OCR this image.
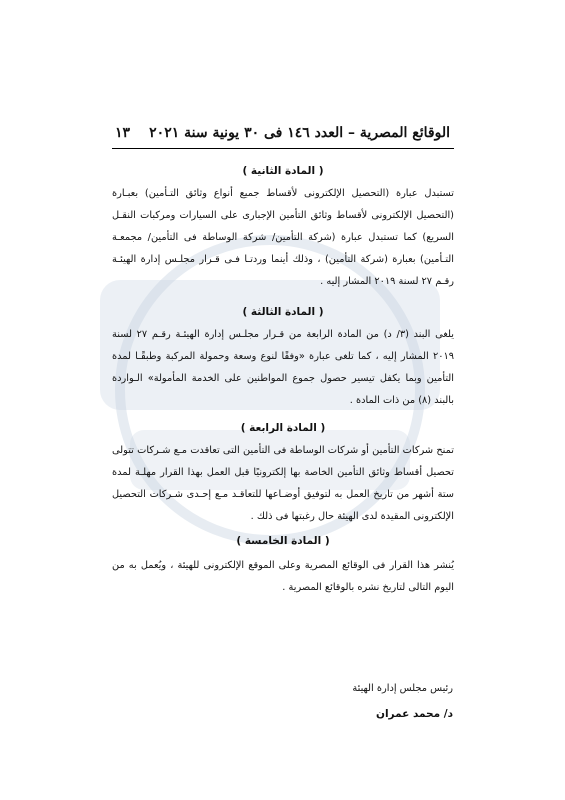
الوقائع المصرية – العدد ١٤٦ فى ٣٠ يونية سنة ٢٠٢١
١٣
( المادة الثانية )
تستبدل عبارة (التحصيل الإلكترونى لأقساط جميع أنواع وثائق التـأمين) بعبـارة (التحصيل الإلكترونى لأقساط وثائق التأمين الإجبارى على السيارات ومركبات النقـل السريع) كما تستبدل عبارة (شركة التأمين/ شركة الوساطة فى التأمين/ مجمعـة التـأمين) بعبارة (شركة التأمين) ، وذلك أينما وردتـا فـى قـرار مجلـس إدارة الهيئـة رقـم ٢٧ لسنة ٢٠١٩ المشار إليه .
( المادة الثالثة )
يلغى البند (٣/ د) من المادة الرابعة من قـرار مجلـس إدارة الهيئـة رقـم ٢٧ لسنة ٢٠١٩ المشار إليه ، كما تلغى عبارة «وفقًا لنوع وسعة وحمولة المركبة وطبقًـا لمدة التأمين وبما يكفل تيسير حصول جموع المواطنين على الخدمة المأمولة» الـواردة بالبند (٨) من ذات المادة .
( المادة الرابعة )
تمنح شركات التأمين أو شركات الوساطة فى التأمين التى تعاقدت مـع شـركات تتولى تحصيل أقساط وثائق التأمين الخاصة بها إلكترونيًا قبل العمل بهذا القرار مهلـة لمدة ستة أشهر من تاريخ العمل به لتوفيق أوضـاعها للتعاقـد مـع إحـدى شـركات التحصيل الإلكترونى المقيدة لدى الهيئة حال رغبتها فى ذلك .
( المادة الخامسة )
يُنشر هذا القرار فى الوقائع المصرية وعلى الموقع الإلكترونى للهيئة ، ويُعمل به من اليوم التالى لتاريخ نشره بالوقائع المصرية .
رئيس مجلس إدارة الهيئة
د/ محمد عمران
